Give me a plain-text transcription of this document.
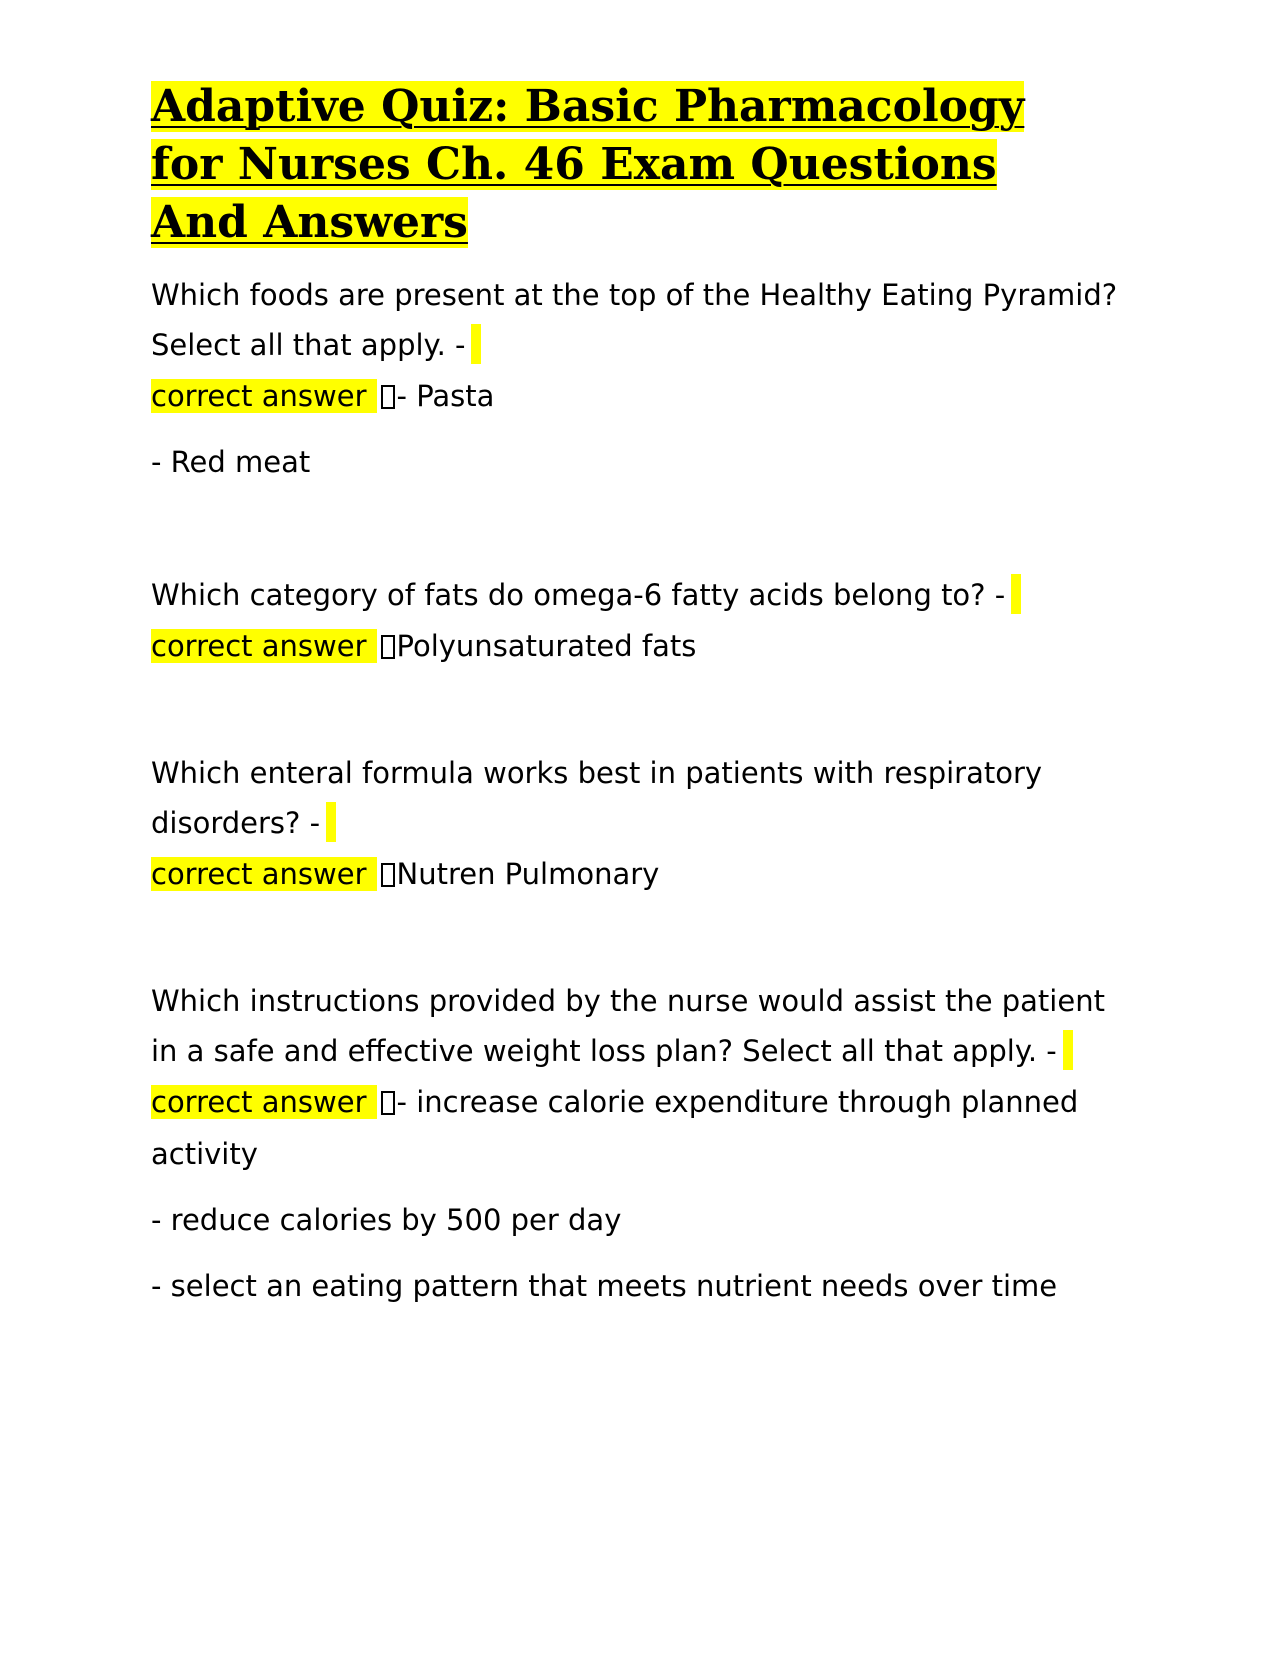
Adaptive Quiz: Basic Pharmacology for Nurses Ch. 46 Exam Questions And Answers

Which foods are present at the top of the Healthy Eating Pyramid? Select all that apply. -

correct answer - Pasta

- Red meat

Which category of fats do omega-6 fatty acids belong to? -

correct answer Polyunsaturated fats

Which enteral formula works best in patients with respiratory disorders? -

correct answer Nutren Pulmonary

Which instructions provided by the nurse would assist the patient in a safe and effective weight loss plan? Select all that apply. -

correct answer - increase calorie expenditure through planned activity

- reduce calories by 500 per day

- select an eating pattern that meets nutrient needs over time
